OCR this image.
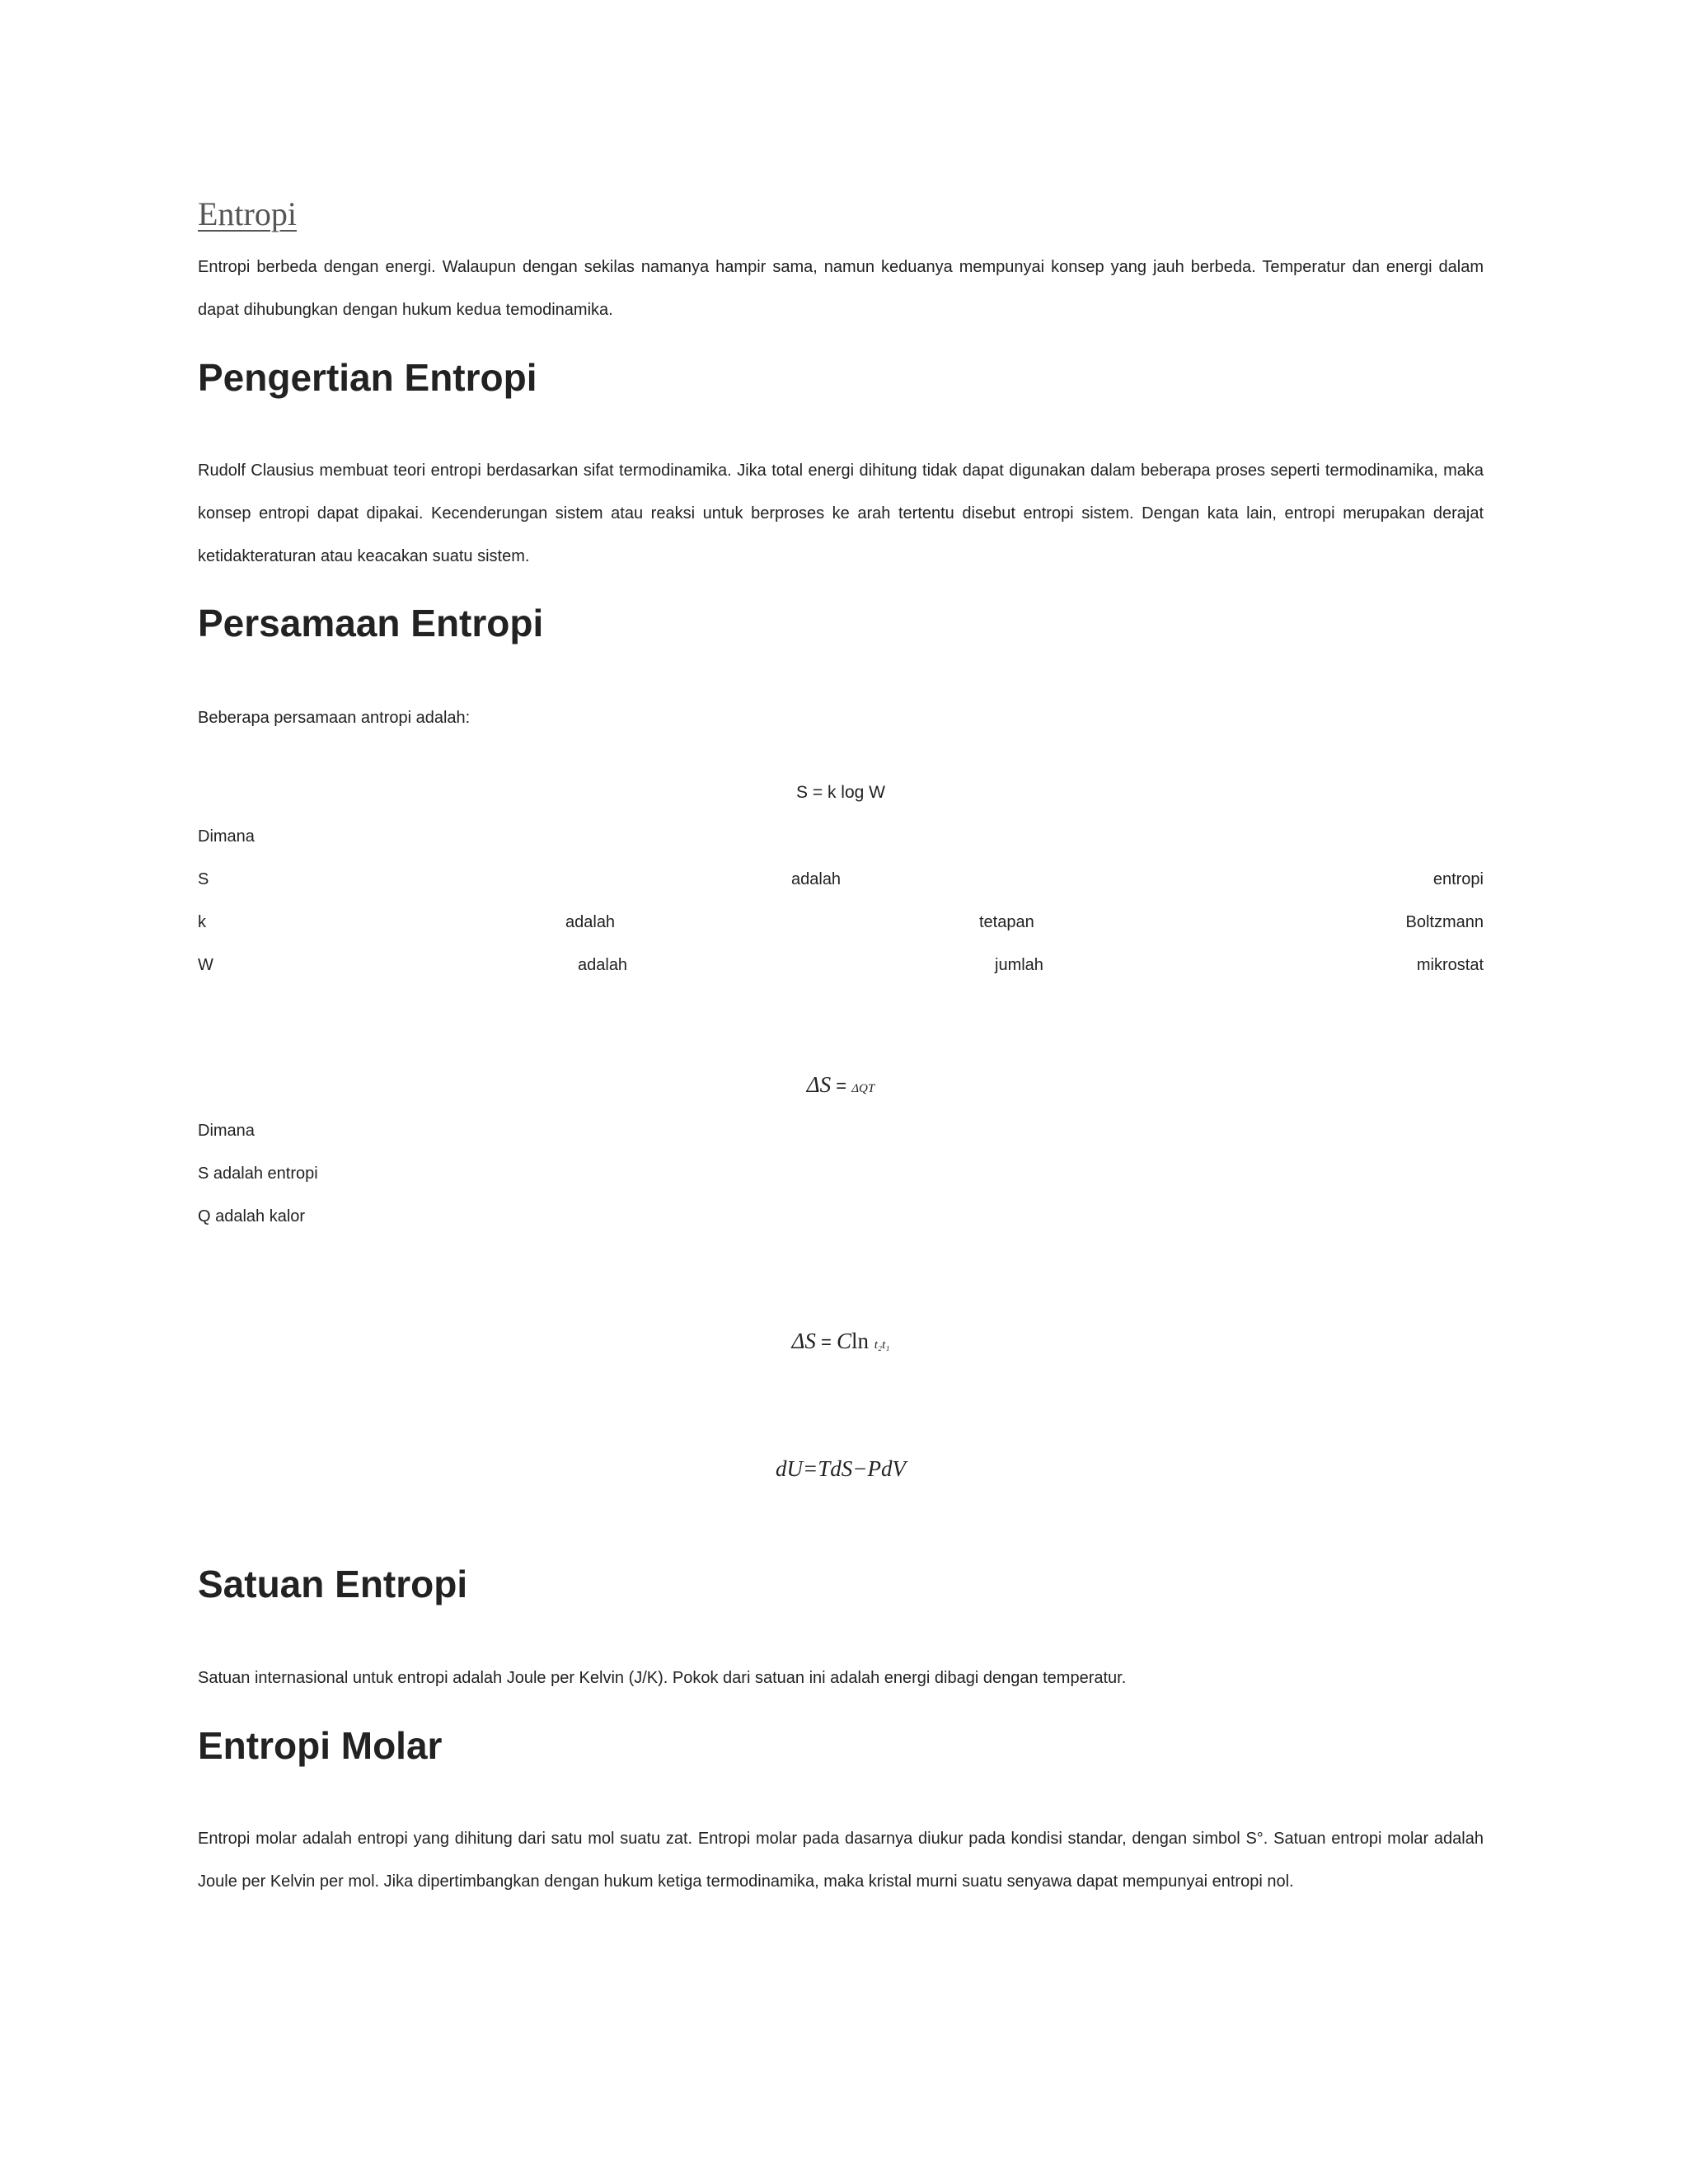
Entropi

Entropi berbeda dengan energi. Walaupun dengan sekilas namanya hampir sama, namun keduanya mempunyai konsep yang jauh berbeda. Temperatur dan energi dalam dapat dihubungkan dengan hukum kedua temodinamika.

Pengertian Entropi

Rudolf Clausius membuat teori entropi berdasarkan sifat termodinamika. Jika total energi dihitung tidak dapat digunakan dalam beberapa proses seperti termodinamika, maka konsep entropi dapat dipakai. Kecenderungan sistem atau reaksi untuk berproses ke arah tertentu disebut entropi sistem. Dengan kata lain, entropi merupakan derajat ketidakteraturan atau keacakan suatu sistem.

Persamaan Entropi

Beberapa persamaan antropi adalah:

S = k log W

Dimana

S	adalah	entropi
k	adalah	tetapan	Boltzmann
W	adalah	jumlah	mikrostat

ΔS = ΔQT

Dimana

S adalah entropi

Q adalah kalor

ΔS = Cln t₂t₁

dU=TdS−PdV

Satuan Entropi

Satuan internasional untuk entropi adalah Joule per Kelvin (J/K). Pokok dari satuan ini adalah energi dibagi dengan temperatur.

Entropi Molar

Entropi molar adalah entropi yang dihitung dari satu mol suatu zat. Entropi molar pada dasarnya diukur pada kondisi standar, dengan simbol S°. Satuan entropi molar adalah Joule per Kelvin per mol. Jika dipertimbangkan dengan hukum ketiga termodinamika, maka kristal murni suatu senyawa dapat mempunyai entropi nol.
